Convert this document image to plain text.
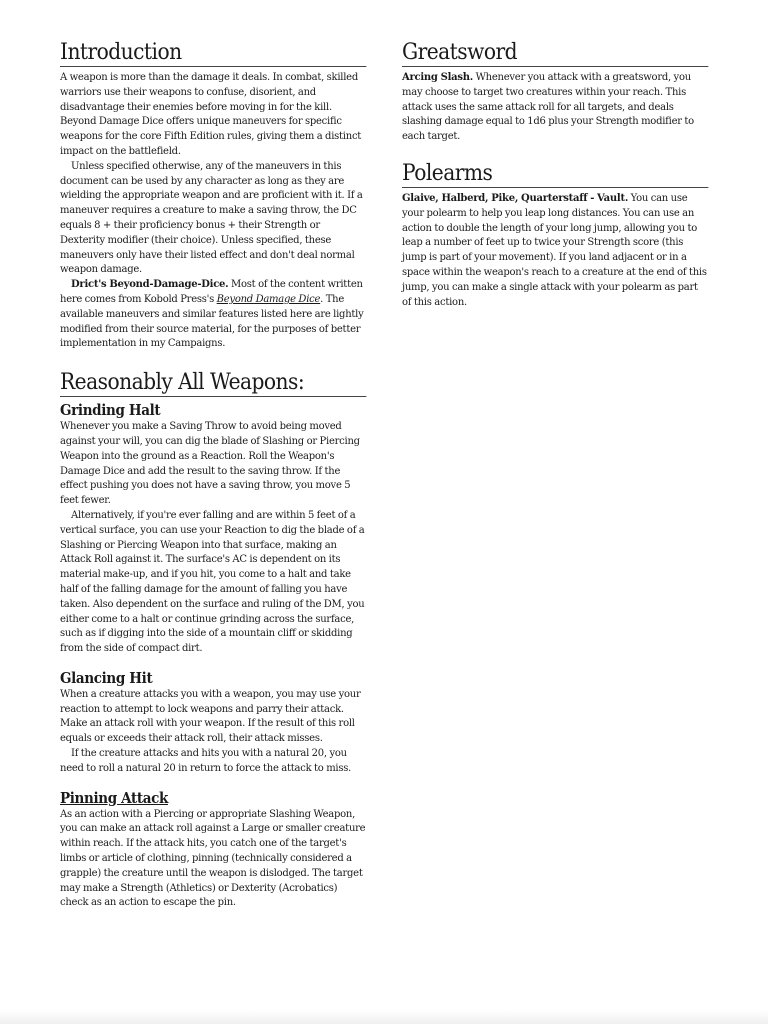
Introduction

A weapon is more than the damage it deals. In combat, skilled warriors use their weapons to confuse, disorient, and disadvantage their enemies before moving in for the kill. Beyond Damage Dice offers unique maneuvers for specific weapons for the core Fifth Edition rules, giving them a distinct impact on the battlefield.

Unless specified otherwise, any of the maneuvers in this document can be used by any character as long as they are wielding the appropriate weapon and are proficient with it. If a maneuver requires a creature to make a saving throw, the DC equals 8 + their proficiency bonus + their Strength or Dexterity modifier (their choice). Unless specified, these maneuvers only have their listed effect and don't deal normal weapon damage.

Drict's Beyond-Damage-Dice. Most of the content written here comes from Kobold Press's Beyond Damage Dice. The available maneuvers and similar features listed here are lightly modified from their source material, for the purposes of better implementation in my Campaigns.

Reasonably All Weapons:
Grinding Halt

Whenever you make a Saving Throw to avoid being moved against your will, you can dig the blade of Slashing or Piercing Weapon into the ground as a Reaction. Roll the Weapon's Damage Dice and add the result to the saving throw. If the effect pushing you does not have a saving throw, you move 5 feet fewer.

Alternatively, if you're ever falling and are within 5 feet of a vertical surface, you can use your Reaction to dig the blade of a Slashing or Piercing Weapon into that surface, making an Attack Roll against it. The surface's AC is dependent on its material make-up, and if you hit, you come to a halt and take half of the falling damage for the amount of falling you have taken. Also dependent on the surface and ruling of the DM, you either come to a halt or continue grinding across the surface, such as if digging into the side of a mountain cliff or skidding from the side of compact dirt.

Glancing Hit

When a creature attacks you with a weapon, you may use your reaction to attempt to lock weapons and parry their attack. Make an attack roll with your weapon. If the result of this roll equals or exceeds their attack roll, their attack misses.

If the creature attacks and hits you with a natural 20, you need to roll a natural 20 in return to force the attack to miss.

Pinning Attack

As an action with a Piercing or appropriate Slashing Weapon, you can make an attack roll against a Large or smaller creature within reach. If the attack hits, you catch one of the target's limbs or article of clothing, pinning (technically considered a grapple) the creature until the weapon is dislodged. The target may make a Strength (Athletics) or Dexterity (Acrobatics) check as an action to escape the pin.

Greatsword

Arcing Slash. Whenever you attack with a greatsword, you may choose to target two creatures within your reach. This attack uses the same attack roll for all targets, and deals slashing damage equal to 1d6 plus your Strength modifier to each target.

Polearms

Glaive, Halberd, Pike, Quarterstaff - Vault. You can use your polearm to help you leap long distances. You can use an action to double the length of your long jump, allowing you to leap a number of feet up to twice your Strength score (this jump is part of your movement). If you land adjacent or in a space within the weapon's reach to a creature at the end of this jump, you can make a single attack with your polearm as part of this action.
